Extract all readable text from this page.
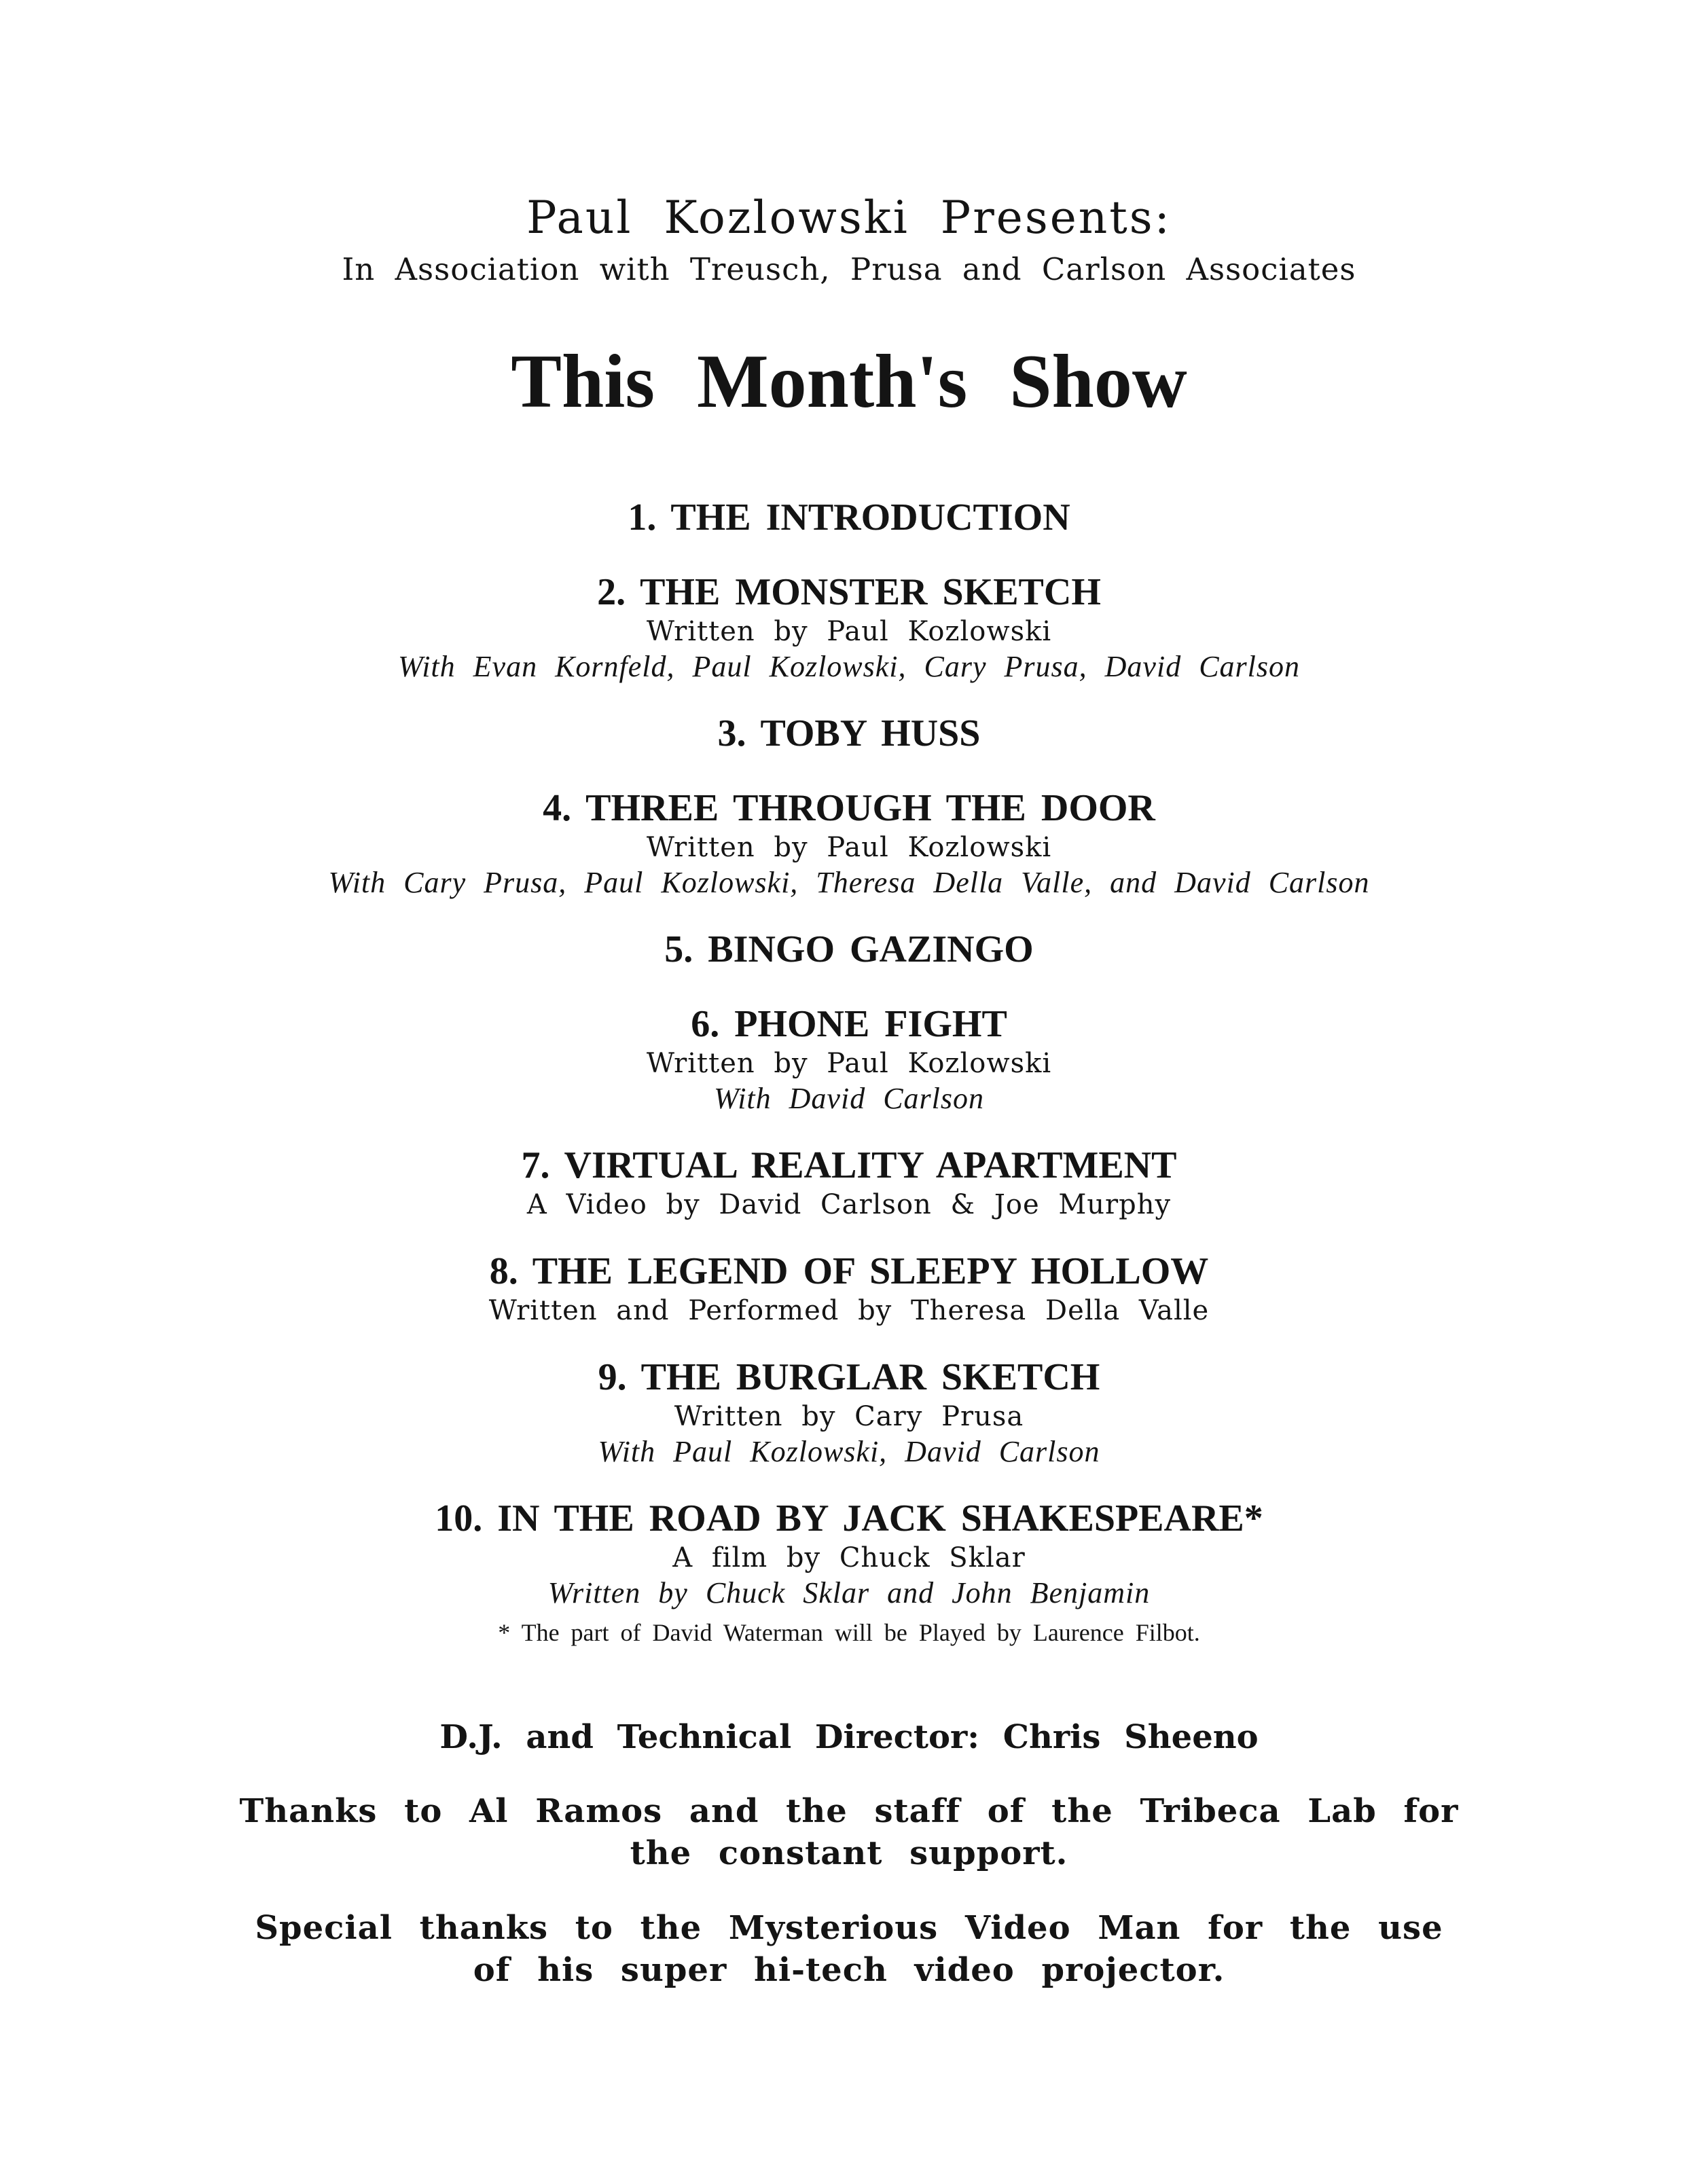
Paul Kozlowski Presents:

In Association with Treusch, Prusa and Carlson Associates

This Month's Show

1. THE INTRODUCTION

2. THE MONSTER SKETCH

Written by Paul Kozlowski

With Evan Kornfeld, Paul Kozlowski, Cary Prusa, David Carlson

3. TOBY HUSS

4. THREE THROUGH THE DOOR

Written by Paul Kozlowski

With Cary Prusa, Paul Kozlowski, Theresa Della Valle, and David Carlson

5. BINGO GAZINGO

6. PHONE FIGHT

Written by Paul Kozlowski

With David Carlson

7. VIRTUAL REALITY APARTMENT

A Video by David Carlson & Joe Murphy

8. THE LEGEND OF SLEEPY HOLLOW

Written and Performed by Theresa Della Valle

9. THE BURGLAR SKETCH

Written by Cary Prusa

With Paul Kozlowski, David Carlson

10. IN THE ROAD BY JACK SHAKESPEARE*

A film by Chuck Sklar

Written by Chuck Sklar and John Benjamin

* The part of David Waterman will be Played by Laurence Filbot.

D.J. and Technical Director: Chris Sheeno

Thanks to Al Ramos and the staff of the Tribeca Lab for the constant support.

Special thanks to the Mysterious Video Man for the use of his super hi-tech video projector.
